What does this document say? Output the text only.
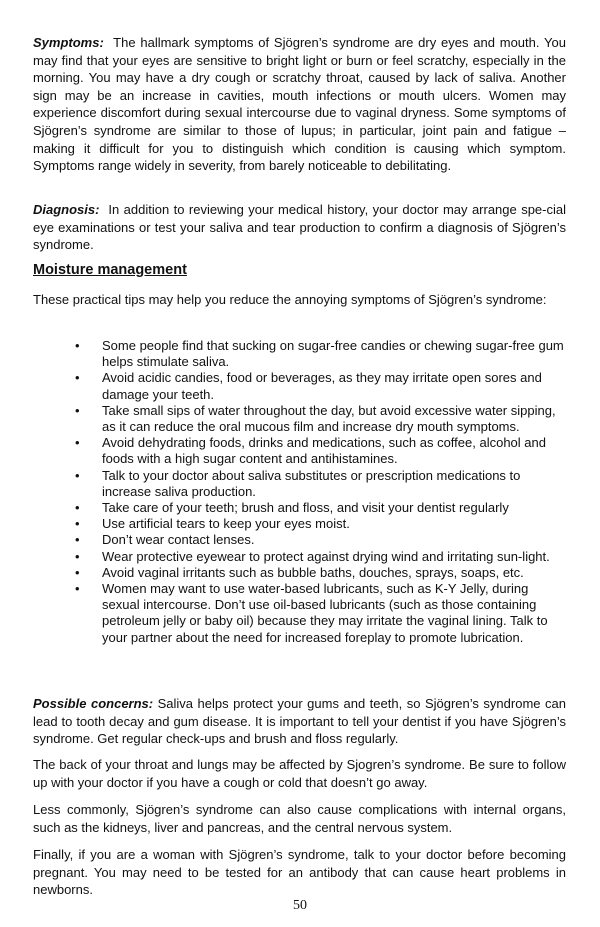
Symptoms: The hallmark symptoms of Sjögren’s syndrome are dry eyes and mouth. You may find that your eyes are sensitive to bright light or burn or feel scratchy, especially in the morning. You may have a dry cough or scratchy throat, caused by lack of saliva. Another sign may be an increase in cavities, mouth infections or mouth ulcers. Women may experience discomfort during sexual intercourse due to vaginal dryness. Some symptoms of Sjögren’s syndrome are similar to those of lupus; in particular, joint pain and fatigue – making it difficult for you to distinguish which condition is causing which symptom. Symptoms range widely in severity, from barely noticeable to debilitating.

Diagnosis: In addition to reviewing your medical history, your doctor may arrange spe-cial eye examinations or test your saliva and tear production to confirm a diagnosis of Sjögren’s syndrome.

Moisture management

These practical tips may help you reduce the annoying symptoms of Sjögren’s syndrome:

• Some people find that sucking on sugar-free candies or chewing sugar-free gum helps stimulate saliva.
• Avoid acidic candies, food or beverages, as they may irritate open sores and damage your teeth.
• Take small sips of water throughout the day, but avoid excessive water sipping, as it can reduce the oral mucous film and increase dry mouth symptoms.
• Avoid dehydrating foods, drinks and medications, such as coffee, alcohol and foods with a high sugar content and antihistamines.
• Talk to your doctor about saliva substitutes or prescription medications to increase saliva production.
• Take care of your teeth; brush and floss, and visit your dentist regularly
• Use artificial tears to keep your eyes moist.
• Don’t wear contact lenses.
• Wear protective eyewear to protect against drying wind and irritating sun-light.
• Avoid vaginal irritants such as bubble baths, douches, sprays, soaps, etc.
• Women may want to use water-based lubricants, such as K-Y Jelly, during sexual intercourse. Don’t use oil-based lubricants (such as those containing petroleum jelly or baby oil) because they may irritate the vaginal lining. Talk to your partner about the need for increased foreplay to promote lubrication.

Possible concerns: Saliva helps protect your gums and teeth, so Sjögren’s syndrome can lead to tooth decay and gum disease. It is important to tell your dentist if you have Sjögren’s syndrome. Get regular check-ups and brush and floss regularly.

The back of your throat and lungs may be affected by Sjogren’s syndrome. Be sure to follow up with your doctor if you have a cough or cold that doesn’t go away.

Less commonly, Sjögren’s syndrome can also cause complications with internal organs, such as the kidneys, liver and pancreas, and the central nervous system.

Finally, if you are a woman with Sjögren’s syndrome, talk to your doctor before becoming pregnant. You may need to be tested for an antibody that can cause heart problems in newborns.

50
